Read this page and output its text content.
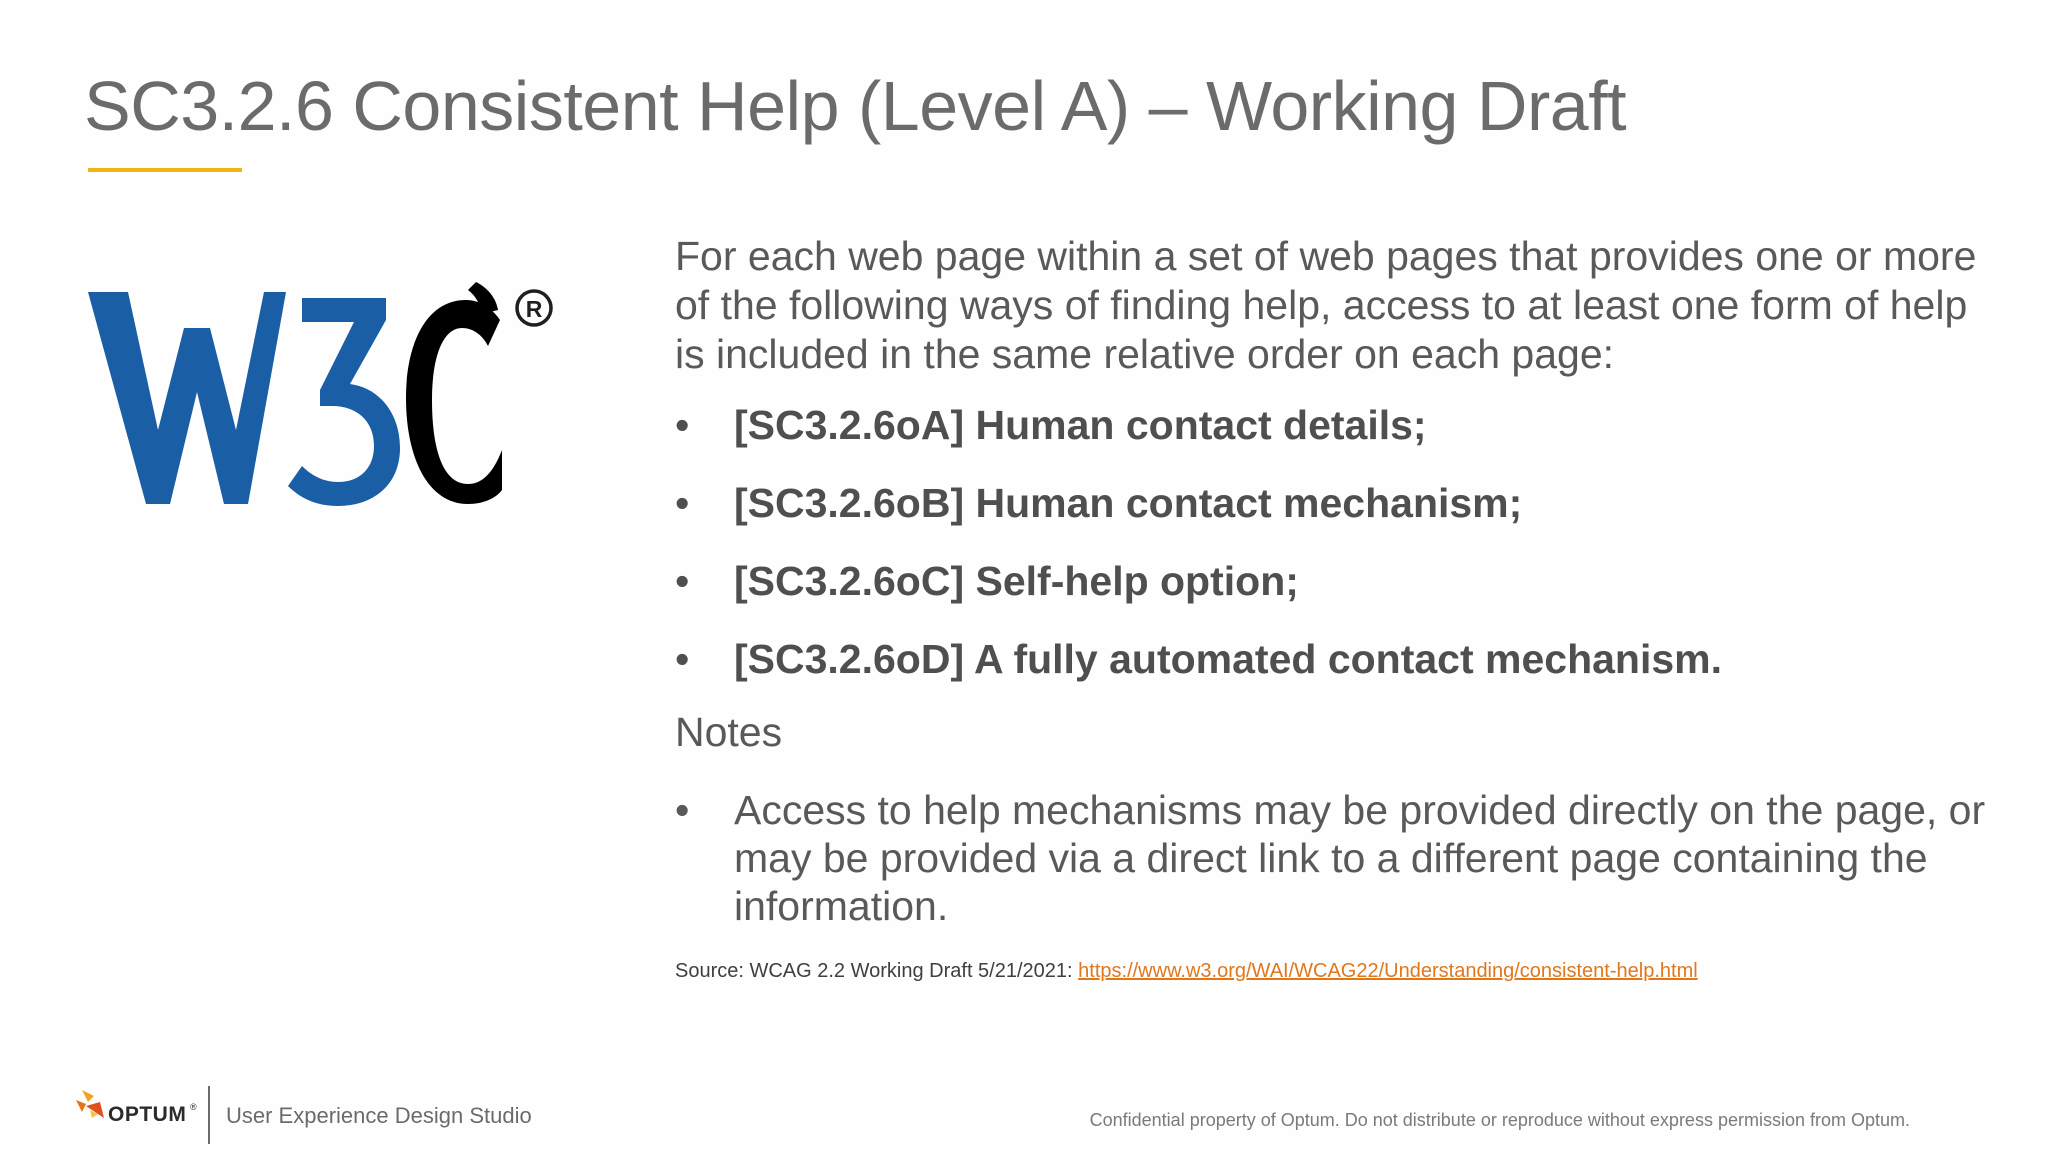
SC3.2.6 Consistent Help (Level A) – Working Draft
R

For each web page within a set of web pages that provides one or more of the following ways of finding help, access to at least one form of help is included in the same relative order on each page:

• [SC3.2.6oA] Human contact details;
• [SC3.2.6oB] Human contact mechanism;
• [SC3.2.6oC] Self-help option;
• [SC3.2.6oD] A fully automated contact mechanism.
Notes
• Access to help mechanisms may be provided directly on the page, or may be provided via a direct link to a different page containing the information.
Source: WCAG 2.2 Working Draft 5/21/2021: https://www.w3.org/WAI/WCAG22/Understanding/consistent-help.html
OPTUM ® User Experience Design Studio	Confidential property of Optum. Do not distribute or reproduce without express permission from Optum.
